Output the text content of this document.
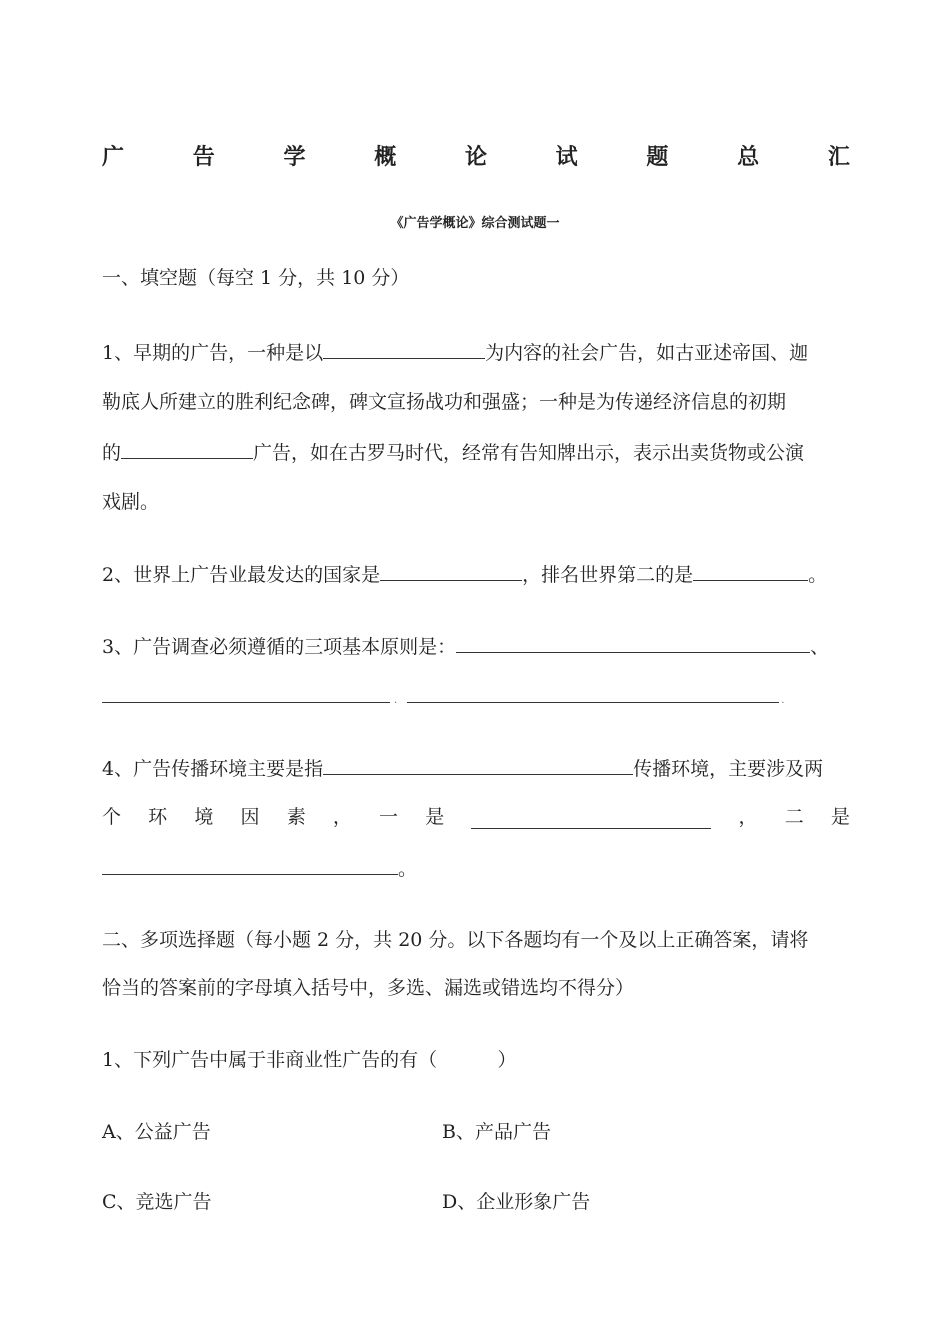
广	告	学	概	论	试	题	总	汇
《广告学概论》综合测试题一
一、填空题（每空 1 分，共 10 分）
1、早期的广告，一种是以	为内容的社会广告，如古亚述帝国、迦
勒底人所建立的胜利纪念碑，碑文宣扬战功和强盛；一种是为传递经济信息的初期
的	广告，如在古罗马时代，经常有告知牌出示，表示出卖货物或公演
戏剧。
2、世界上广告业最发达的国家是	，排名世界第二的是	。
3、广告调查必须遵循的三项基本原则是：	、
.	.
4、广告传播环境主要是指	传播环境，主要涉及两
个 环 境 因 素 ， 一 是	， 二 是
。
二、多项选择题（每小题 2 分，共 20 分。以下各题均有一个及以上正确答案，请将
恰当的答案前的字母填入括号中，多选、漏选或错选均不得分）
1、下列广告中属于非商业性广告的有（          ）
A、公益广告	B、产品广告
C、竞选广告	D、企业形象广告
